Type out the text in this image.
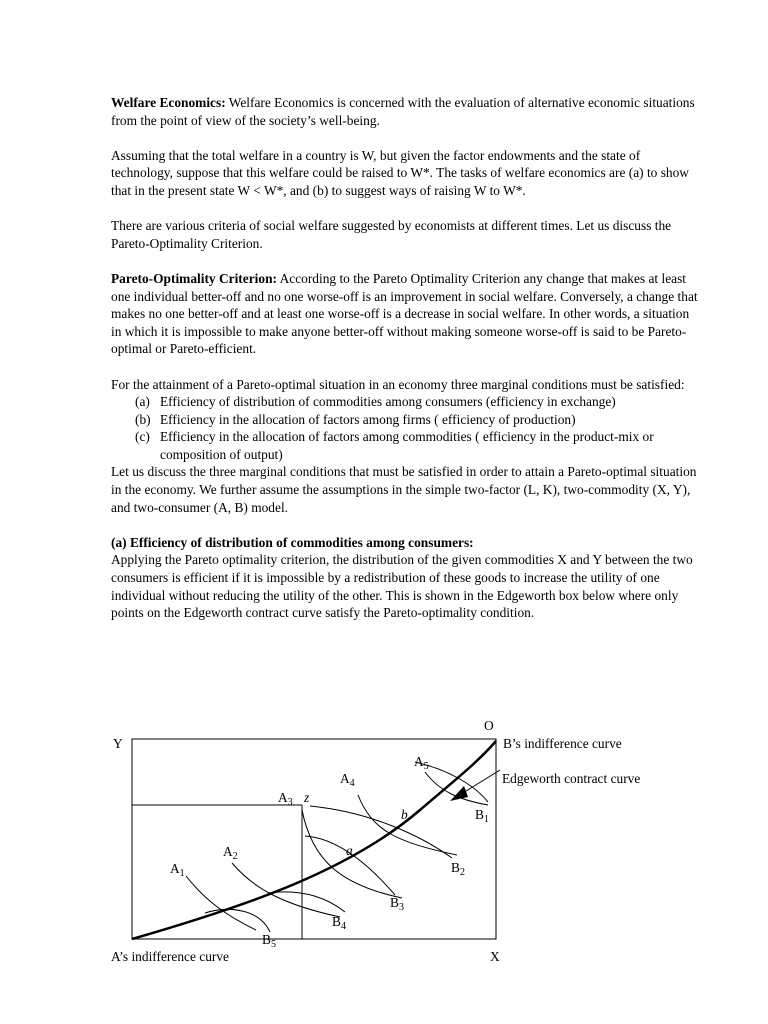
Welfare Economics: Welfare Economics is concerned with the evaluation of alternative economic situations from the point of view of the society’s well-being.

Assuming that the total welfare in a country is W, but given the factor endowments and the state of technology, suppose that this welfare could be raised to W*. The tasks of welfare economics are (a) to show that in the present state W < W*, and (b) to suggest ways of raising W to W*.

There are various criteria of social welfare suggested by economists at different times. Let us discuss the Pareto-Optimality Criterion.

Pareto-Optimality Criterion: According to the Pareto Optimality Criterion any change that makes at least one individual better-off and no one worse-off is an improvement in social welfare. Conversely, a change that makes no one better-off and at least one worse-off is a decrease in social welfare. In other words, a situation in which it is impossible to make anyone better-off without making someone worse-off is said to be Pareto-optimal or Pareto-efficient.

For the attainment of a Pareto-optimal situation in an economy three marginal conditions must be satisfied:

(a) Efficiency of distribution of commodities among consumers (efficiency in exchange)
(b) Efficiency in the allocation of factors among firms ( efficiency of production)
(c) Efficiency in the allocation of factors among commodities ( efficiency in the product-mix or composition of output)

Let us discuss the three marginal conditions that must be satisfied in order to attain a Pareto-optimal situation in the economy. We further assume the assumptions in the simple two-factor (L, K), two-commodity (X, Y), and two-consumer (A, B) model.

(a) Efficiency of distribution of commodities among consumers:

Applying the Pareto optimality criterion, the distribution of the given commodities X and Y between the two consumers is efficient if it is impossible by a redistribution of these goods to increase the utility of one individual without reducing the utility of the other. This is shown in the Edgeworth box below where only points on the Edgeworth contract curve satisfy the Pareto-optimality condition.

O
Y
X
B’s indifference curve
A’s indifference curve
Edgeworth contract curve
z
a
b
$A_1$
$A_2$
$A_3$
$A_4$
$A_5$
$B_1$
$B_2$
$B_3$
$B_4$
$B_5$
